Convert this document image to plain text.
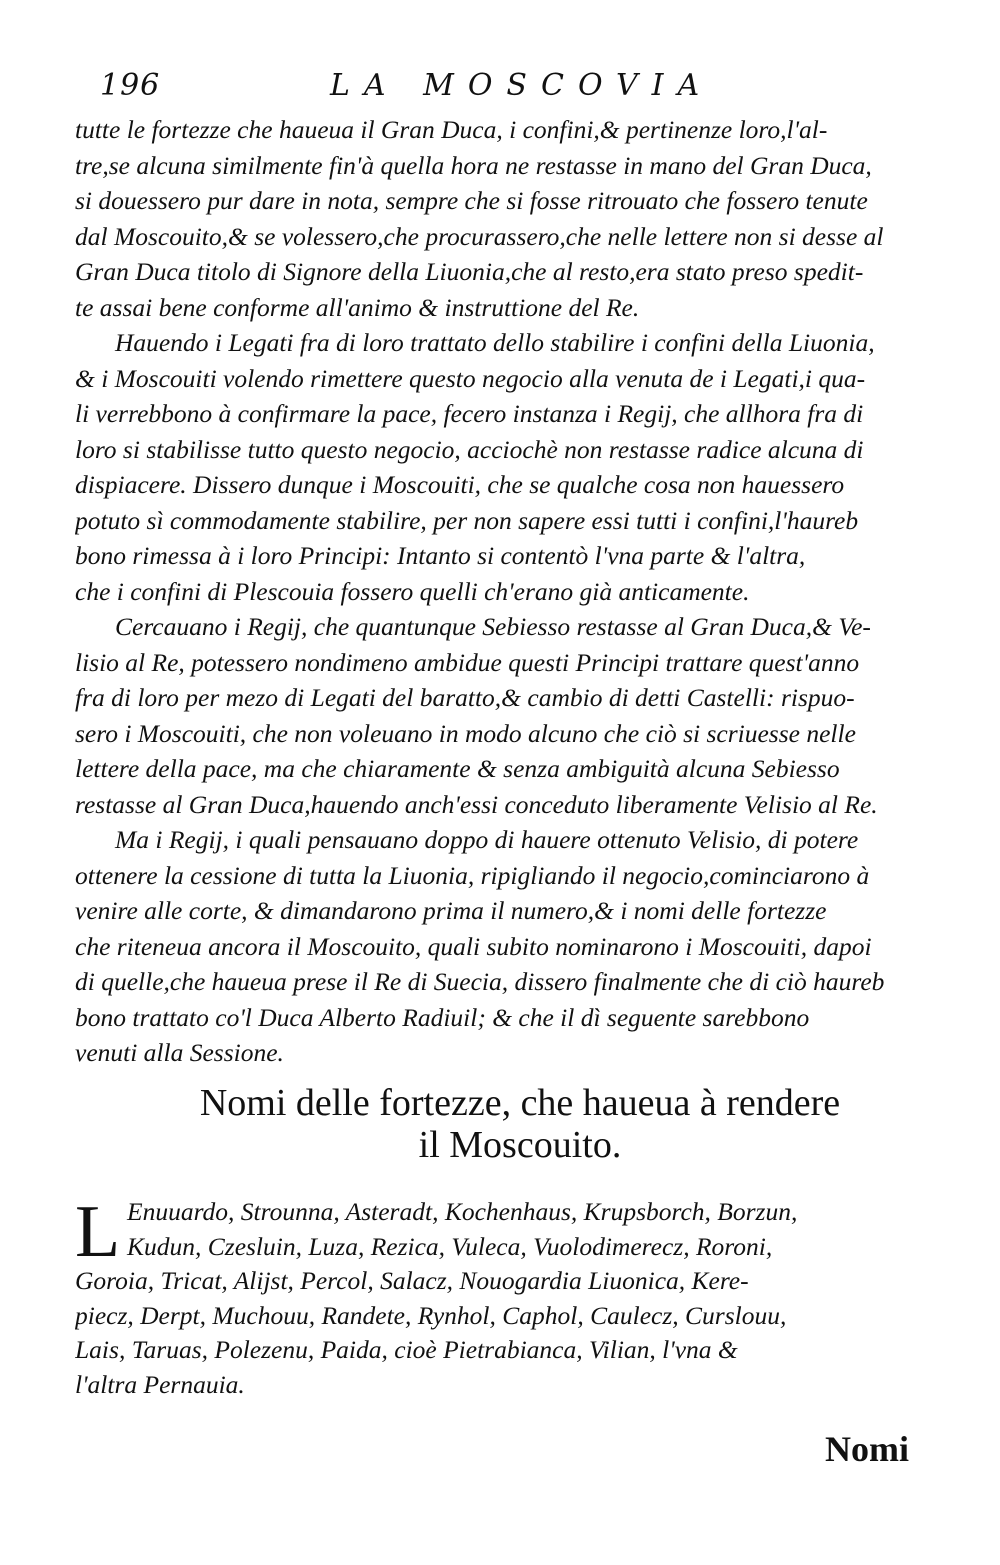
196	LA MOSCOVIA
tutte le fortezze che haueua il Gran Duca, i confini,& pertinenze loro,l'al-
tre,se alcuna similmente fin'à quella hora ne restasse in mano del Gran Duca,
si douessero pur dare in nota, sempre che si fosse ritrouato che fossero tenute
dal Moscouito,& se volessero,che procurassero,che nelle lettere non si desse al
Gran Duca titolo di Signore della Liuonia,che al resto,era stato preso spedit-
te assai bene conforme all'animo & instruttione del Re.
Hauendo i Legati fra di loro trattato dello stabilire i confini della Liuonia,
& i Moscouiti volendo rimettere questo negocio alla venuta de i Legati,i qua-
li verrebbono à confirmare la pace, fecero instanza i Regij, che allhora fra di
loro si stabilisse tutto questo negocio, acciochè non restasse radice alcuna di
dispiacere. Dissero dunque i Moscouiti, che se qualche cosa non hauessero
potuto sì commodamente stabilire, per non sapere essi tutti i confini,l'haureb
bono rimessa à i loro Principi: Intanto si contentò l'vna parte & l'altra,
che i confini di Plescouia fossero quelli ch'erano già anticamente.
Cercauano i Regij, che quantunque Sebiesso restasse al Gran Duca,& Ve-
lisio al Re, potessero nondimeno ambidue questi Principi trattare quest'anno
fra di loro per mezo di Legati del baratto,& cambio di detti Castelli: rispuo-
sero i Moscouiti, che non voleuano in modo alcuno che ciò si scriuesse nelle
lettere della pace, ma che chiaramente & senza ambiguità alcuna Sebiesso
restasse al Gran Duca,hauendo anch'essi conceduto liberamente Velisio al Re.
Ma i Regij, i quali pensauano doppo di hauere ottenuto Velisio, di potere
ottenere la cessione di tutta la Liuonia, ripigliando il negocio,cominciarono à
venire alle corte, & dimandarono prima il numero,& i nomi delle fortezze
che riteneua ancora il Moscouito, quali subito nominarono i Moscouiti, dapoi
di quelle,che haueua prese il Re di Suecia, dissero finalmente che di ciò haureb
bono trattato co'l Duca Alberto Radiuil; & che il dì seguente sarebbono
venuti alla Sessione.
Nomi delle fortezze, che haueua à rendere
il Moscouito.
L Enuuardo, Strounna, Asteradt, Kochenhaus, Krupsborch, Borzun,
Kudun, Czesluin, Luza, Rezica, Vuleca, Vuolodimerecz, Roroni,
Goroia, Tricat, Alijst, Percol, Salacz, Nouogardia Liuonica, Kere-
piecz, Derpt, Muchouu, Randete, Rynhol, Caphol, Caulecz, Curslouu,
Lais, Taruas, Polezenu, Paida, cioè Pietrabianca, Vilian, l'vna &
l'altra Pernauia.
Nomi
